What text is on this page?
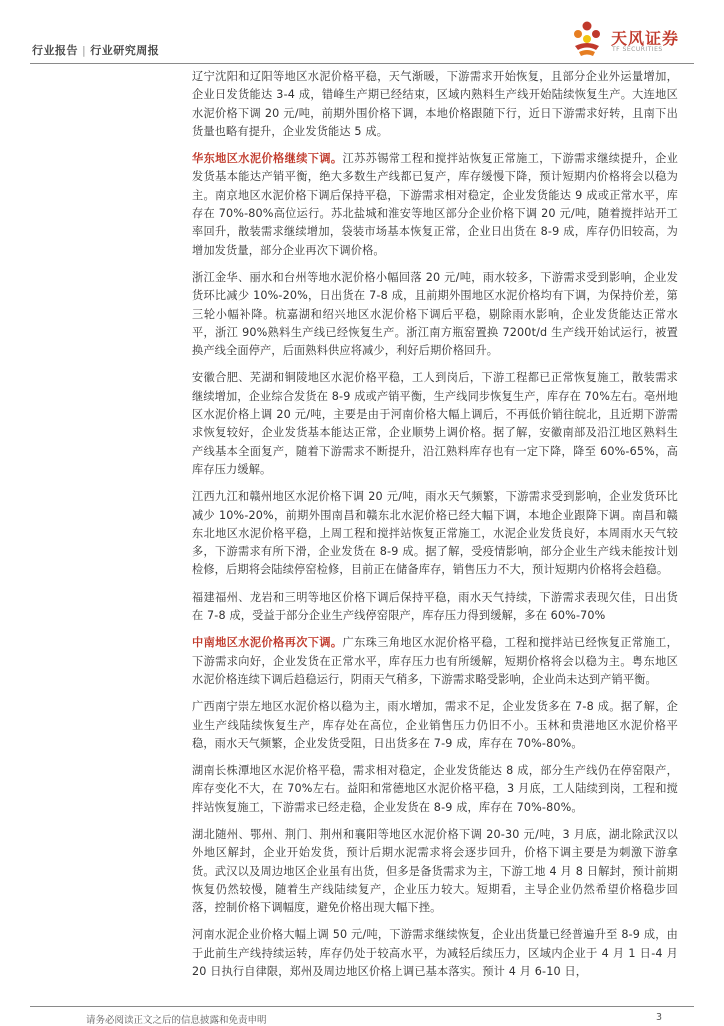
行业报告 | 行业研究周报
天风证券
TF SECURITIES

辽宁沈阳和辽阳等地区水泥价格平稳，天气渐暖，下游需求开始恢复，且部分企业外运量增加，企业日发货能达 3-4 成，错峰生产期已经结束，区域内熟料生产线开始陆续恢复生产。大连地区水泥价格下调 20 元/吨，前期外围价格下调，本地价格跟随下行，近日下游需求好转，且南下出货量也略有提升，企业发货能达 5 成。

华东地区水泥价格继续下调。江苏苏锡常工程和搅拌站恢复正常施工，下游需求继续提升，企业发货基本能达产销平衡，绝大多数生产线都已复产，库存缓慢下降，预计短期内价格将会以稳为主。南京地区水泥价格下调后保持平稳，下游需求相对稳定，企业发货能达 9 成或正常水平，库存在 70%-80%高位运行。苏北盐城和淮安等地区部分企业价格下调 20 元/吨，随着搅拌站开工率回升，散装需求继续增加，袋装市场基本恢复正常，企业日出货在 8-9 成，库存仍旧较高，为增加发货量，部分企业再次下调价格。

浙江金华、丽水和台州等地水泥价格小幅回落 20 元/吨，雨水较多，下游需求受到影响，企业发货环比减少 10%-20%，日出货在 7-8 成，且前期外围地区水泥价格均有下调，为保持价差，第三轮小幅补降。杭嘉湖和绍兴地区水泥价格下调后平稳，剔除雨水影响，企业发货能达正常水平，浙江 90%熟料生产线已经恢复生产。浙江南方瓶窑置换 7200t/d 生产线开始试运行，被置换产线全面停产，后面熟料供应将减少，利好后期价格回升。

安徽合肥、芜湖和铜陵地区水泥价格平稳，工人到岗后，下游工程都已正常恢复施工，散装需求继续增加，企业综合发货在 8-9 成或产销平衡，生产线同步恢复生产，库存在 70%左右。亳州地区水泥价格上调 20 元/吨，主要是由于河南价格大幅上调后，不再低价销往皖北，且近期下游需求恢复较好，企业发货基本能达正常，企业顺势上调价格。据了解，安徽南部及沿江地区熟料生产线基本全面复产，随着下游需求不断提升，沿江熟料库存也有一定下降，降至 60%-65%，高库存压力缓解。

江西九江和赣州地区水泥价格下调 20 元/吨，雨水天气频繁，下游需求受到影响，企业发货环比减少 10%-20%，前期外围南昌和赣东北水泥价格已经大幅下调，本地企业跟降下调。南昌和赣东北地区水泥价格平稳，上周工程和搅拌站恢复正常施工，水泥企业发货良好，本周雨水天气较多，下游需求有所下滑，企业发货在 8-9 成。据了解，受疫情影响，部分企业生产线未能按计划检修，后期将会陆续停窑检修，目前正在储备库存，销售压力不大，预计短期内价格将会趋稳。

福建福州、龙岩和三明等地区价格下调后保持平稳，雨水天气持续，下游需求表现欠佳，日出货在 7-8 成，受益于部分企业生产线停窑限产，库存压力得到缓解，多在 60%-70%

中南地区水泥价格再次下调。广东珠三角地区水泥价格平稳，工程和搅拌站已经恢复正常施工，下游需求向好，企业发货在正常水平，库存压力也有所缓解，短期价格将会以稳为主。粤东地区水泥价格连续下调后趋稳运行，阴雨天气稍多，下游需求略受影响，企业尚未达到产销平衡。

广西南宁崇左地区水泥价格以稳为主，雨水增加，需求不足，企业发货多在 7-8 成。据了解，企业生产线陆续恢复生产，库存处在高位，企业销售压力仍旧不小。玉林和贵港地区水泥价格平稳，雨水天气频繁，企业发货受阻，日出货多在 7-9 成，库存在 70%-80%。

湖南长株潭地区水泥价格平稳，需求相对稳定，企业发货能达 8 成，部分生产线仍在停窑限产，库存变化不大，在 70%左右。益阳和常德地区水泥价格平稳，3 月底，工人陆续到岗，工程和搅拌站恢复施工，下游需求已经走稳，企业发货在 8-9 成，库存在 70%-80%。

湖北随州、鄂州、荆门、荆州和襄阳等地区水泥价格下调 20-30 元/吨，3 月底，湖北除武汉以外地区解封，企业开始发货，预计后期水泥需求将会逐步回升，价格下调主要是为刺激下游拿货。武汉以及周边地区企业虽有出货，但多是备货需求为主，下游工地 4 月 8 日解封，预计前期恢复仍然较慢，随着生产线陆续复产，企业压力较大。短期看，主导企业仍然希望价格稳步回落，控制价格下调幅度，避免价格出现大幅下挫。

河南水泥企业价格大幅上调 50 元/吨，下游需求继续恢复，企业出货量已经普遍升至 8-9 成，由于此前生产线持续运转，库存仍处于较高水平，为减轻后续压力，区域内企业于 4 月 1 日-4 月 20 日执行自律限，郑州及周边地区价格上调已基本落实。预计 4 月 6-10 日，

请务必阅读正文之后的信息披露和免责申明	3
